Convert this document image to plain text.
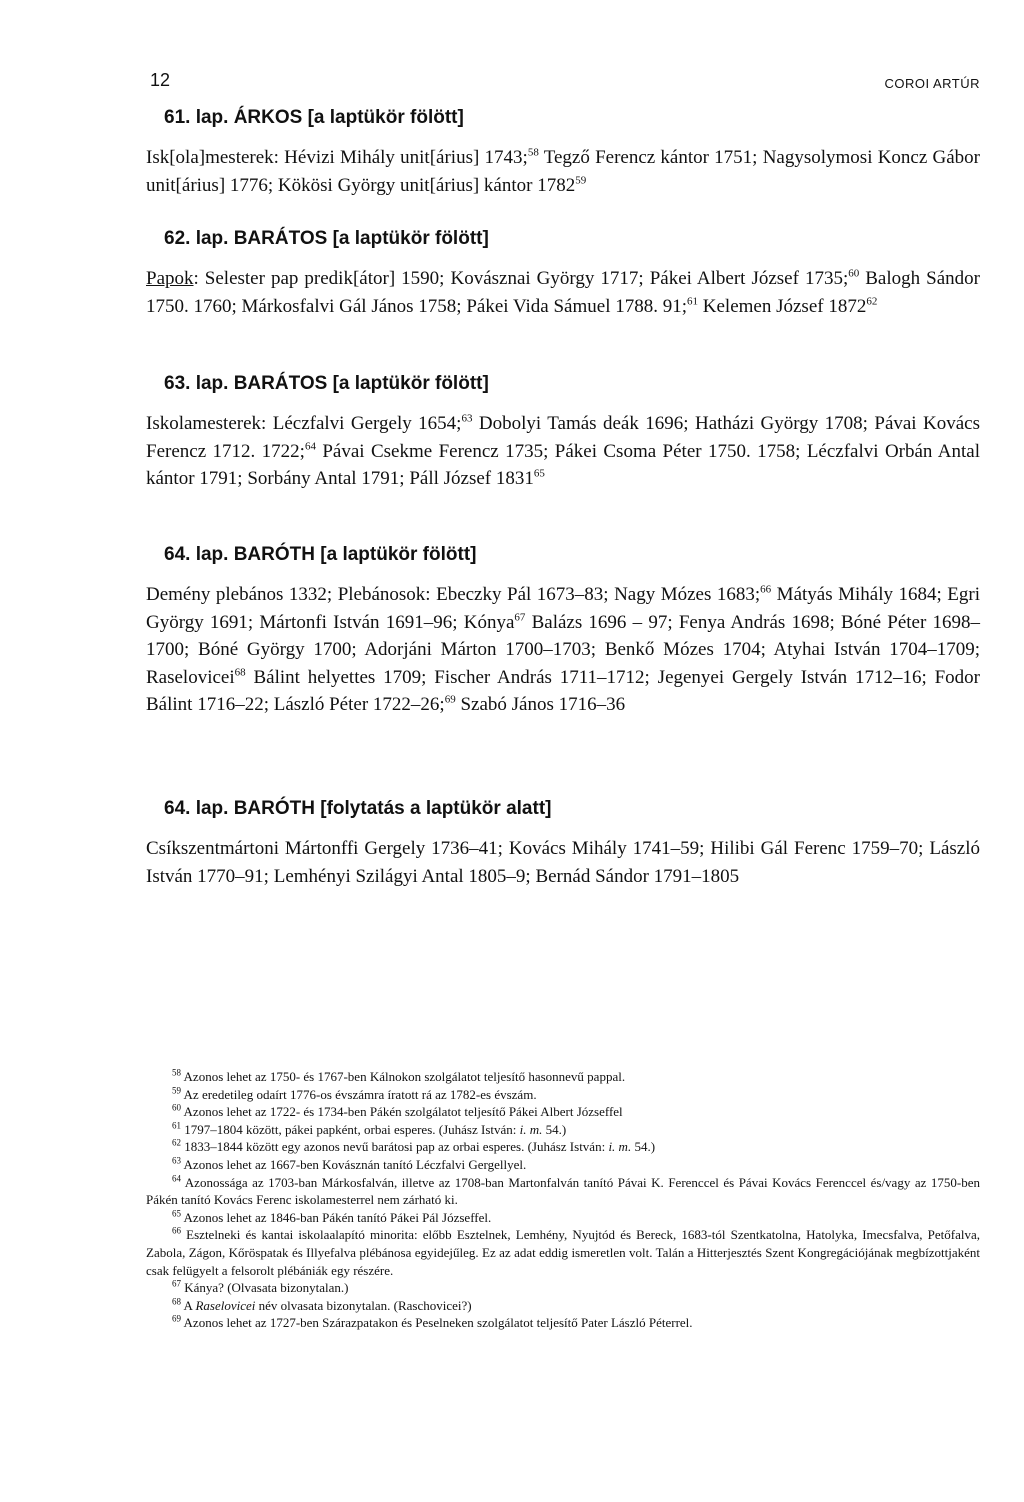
12	COROI ARTÚR
61. lap. ÁRKOS [a laptükör fölött]

Isk[ola]mesterek: Hévizi Mihály unit[árius] 1743;$^{58}$ Tegző Ferencz kántor 1751; Nagysolymosi Koncz Gábor unit[árius] 1776; Kökösi György unit[árius] kántor 1782$^{59}$

62. lap. BARÁTOS [a laptükör fölött]

Papok: Selester pap predik[átor] 1590; Kovásznai György 1717; Pákei Albert József 1735;$^{60}$ Balogh Sándor 1750. 1760; Márkosfalvi Gál János 1758; Pákei Vida Sámuel 1788. 91;$^{61}$ Kelemen József 1872$^{62}$

63. lap. BARÁTOS [a laptükör fölött]

Iskolamesterek: Léczfalvi Gergely 1654;$^{63}$ Dobolyi Tamás deák 1696; Hatházi György 1708; Pávai Kovács Ferencz 1712. 1722;$^{64}$ Pávai Csekme Ferencz 1735; Pákei Csoma Péter 1750. 1758; Léczfalvi Orbán Antal kántor 1791; Sorbány Antal 1791; Páll József 1831$^{65}$

64. lap. BARÓTH [a laptükör fölött]

Demény plebános 1332; Plebánosok: Ebeczky Pál 1673–83; Nagy Mózes 1683;$^{66}$ Mátyás Mihály 1684; Egri György 1691; Mártonfi István 1691–96; Kónya$^{67}$ Balázs 1696 – 97; Fenya András 1698; Bóné Péter 1698–1700; Bóné György 1700; Adorjáni Márton 1700–1703; Benkő Mózes 1704; Atyhai István 1704–1709; Raselovicei$^{68}$ Bálint helyettes 1709; Fischer András 1711–1712; Jegenyei Gergely István 1712–16; Fodor Bálint 1716–22; László Péter 1722–26;$^{69}$ Szabó János 1716–36

64. lap. BARÓTH [folytatás a laptükör alatt]

Csíkszentmártoni Mártonffi Gergely 1736–41; Kovács Mihály 1741–59; Hilibi Gál Ferenc 1759–70; László István 1770–91; Lemhényi Szilágyi Antal 1805–9; Bernád Sándor 1791–1805

$^{58}$ Azonos lehet az 1750- és 1767-ben Kálnokon szolgálatot teljesítő hasonnevű pappal.

$^{59}$ Az eredetileg odaírt 1776-os évszámra íratott rá az 1782-es évszám.

$^{60}$ Azonos lehet az 1722- és 1734-ben Pákén szolgálatot teljesítő Pákei Albert Józseffel

$^{61}$ 1797–1804 között, pákei papként, orbai esperes. (Juhász István: i. m. 54.)

$^{62}$ 1833–1844 között egy azonos nevű barátosi pap az orbai esperes. (Juhász István: i. m. 54.)

$^{63}$ Azonos lehet az 1667-ben Kovásznán tanító Léczfalvi Gergellyel.

$^{64}$ Azonossága az 1703-ban Márkosfalván, illetve az 1708-ban Martonfalván tanító Pávai K. Ferenccel és Pávai Kovács Ferenccel és/vagy az 1750-ben Pákén tanító Kovács Ferenc iskolamesterrel nem zárható ki.

$^{65}$ Azonos lehet az 1846-ban Pákén tanító Pákei Pál Józseffel.

$^{66}$ Esztelneki és kantai iskolaalapító minorita: előbb Esztelnek, Lemhény, Nyujtód és Bereck, 1683-tól Szentkatolna, Hatolyka, Imecsfalva, Petőfalva, Zabola, Zágon, Kőröspatak és Illyefalva plébánosa egyidejűleg. Ez az adat eddig ismeretlen volt. Talán a Hitterjesztés Szent Kongregációjának megbízottjaként csak felügyelt a felsorolt plébániák egy részére.

$^{67}$ Kánya? (Olvasata bizonytalan.)

$^{68}$ A Raselovicei név olvasata bizonytalan. (Raschovicei?)

$^{69}$ Azonos lehet az 1727-ben Szárazpatakon és Peselneken szolgálatot teljesítő Pater László Péterrel.
